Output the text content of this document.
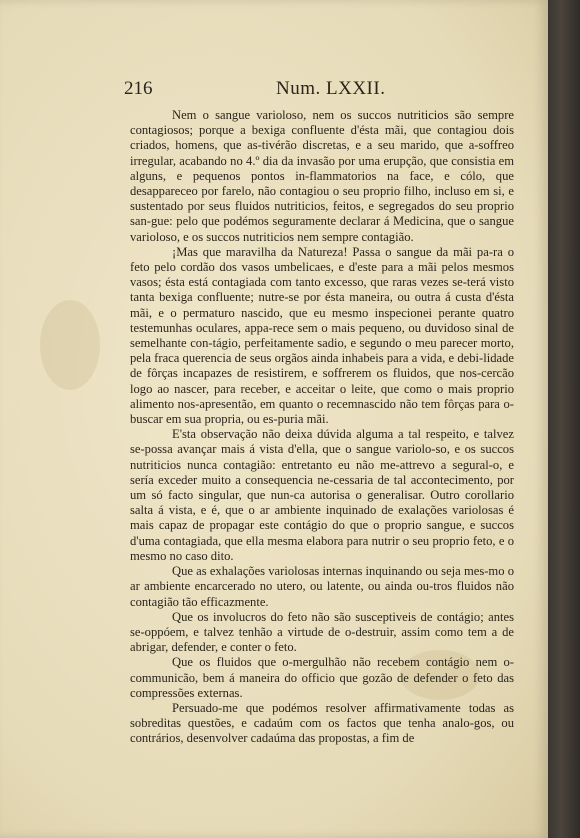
216	Num. LXXII.

Nem o sangue varioloso, nem os succos nutriticios são sempre contagiosos; porque a bexiga confluente d'ésta mãi, que contagiou dois criados, homens, que as-tivérão discretas, e a seu marido, que a-soffreo irregular, acabando no 4.º dia da invasão por uma erupção, que consistia em alguns, e pequenos pontos in-flammatorios na face, e cólo, que desappareceo por farelo, não contagiou o seu proprio filho, incluso em si, e sustentado por seus fluidos nutriticios, feitos, e segregados do seu proprio san-gue: pelo que podémos seguramente declarar á Medicina, que o sangue varioloso, e os succos nutriticios nem sempre contagião.

¡Mas que maravilha da Natureza! Passa o sangue da mãi pa-ra o feto pelo cordão dos vasos umbelicaes, e d'este para a mãi pelos mesmos vasos; ésta está contagiada com tanto excesso, que raras vezes se-terá visto tanta bexiga confluente; nutre-se por ésta maneira, ou outra á custa d'ésta mãi, e o permaturo nascido, que eu mesmo inspecionei perante quatro testemunhas oculares, appa-rece sem o mais pequeno, ou duvidoso sinal de semelhante con-tágio, perfeitamente sadio, e segundo o meu parecer morto, pela fraca querencia de seus orgãos ainda inhabeis para a vida, e debi-lidade de fôrças incapazes de resistirem, e soffrerem os fluidos, que nos-cercão logo ao nascer, para receber, e acceitar o leite, que como o mais proprio alimento nos-apresentão, em quanto o recemnascido não tem fôrças para o-buscar em sua propria, ou es-puria mãi.

E'sta observação não deixa dúvida alguma a tal respeito, e talvez se-possa avançar mais á vista d'ella, que o sangue variolo-so, e os succos nutriticios nunca contagião: entretanto eu não me-attrevo a segural-o, e sería exceder muito a consequencia ne-cessaria de tal accontecimento, por um só facto singular, que nun-ca autorisa o generalisar. Outro corollario salta á vista, e é, que o ar ambiente inquinado de exalações variolosas é mais capaz de propagar este contágio do que o proprio sangue, e succos d'uma contagiada, que ella mesma elabora para nutrir o seu proprio feto, e o mesmo no caso dito.

Que as exhalações variolosas internas inquinando ou seja mes-mo o ar ambiente encarcerado no utero, ou latente, ou ainda ou-tros fluidos não contagião tão efficazmente.

Que os involucros do feto não são susceptiveis de contágio; antes se-oppóem, e talvez tenhão a virtude de o-destruir, assim como tem a de abrigar, defender, e conter o feto.

Que os fluidos que o-mergulhão não recebem contágio nem o-communicão, bem á maneira do officio que gozão de defender o feto das compressões externas.

Persuado-me que podémos resolver affirmativamente todas as sobreditas questões, e cadaúm com os factos que tenha analo-gos, ou contrários, desenvolver cadaúma das propostas, a fim de
